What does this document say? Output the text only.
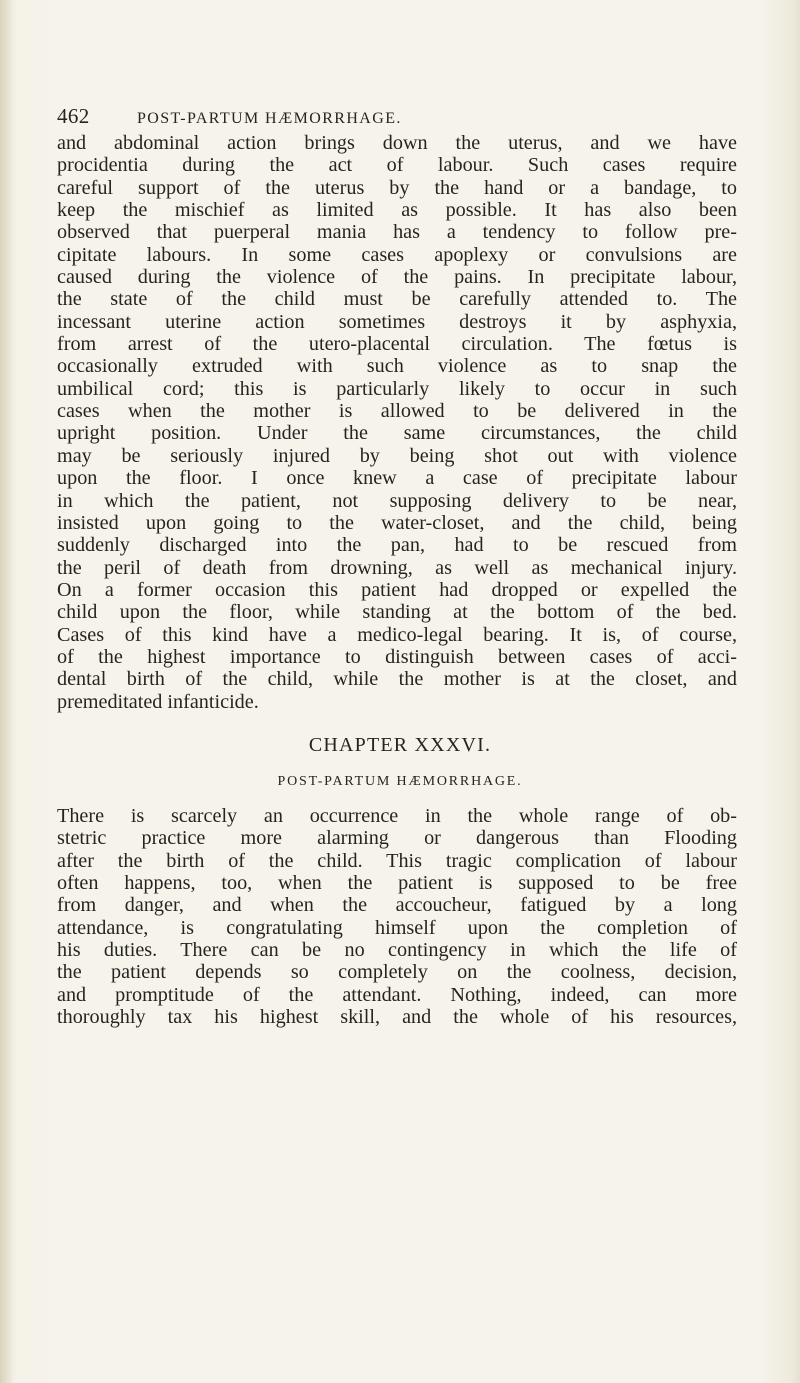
462	POST-PARTUM HÆMORRHAGE.
and abdominal action brings down the uterus, and we have
procidentia during the act of labour. Such cases require
careful support of the uterus by the hand or a bandage, to
keep the mischief as limited as possible. It has also been
observed that puerperal mania has a tendency to follow pre-
cipitate labours. In some cases apoplexy or convulsions are
caused during the violence of the pains. In precipitate labour,
the state of the child must be carefully attended to. The
incessant uterine action sometimes destroys it by asphyxia,
from arrest of the utero-placental circulation. The fœtus is
occasionally extruded with such violence as to snap the
umbilical cord; this is particularly likely to occur in such
cases when the mother is allowed to be delivered in the
upright position. Under the same circumstances, the child
may be seriously injured by being shot out with violence
upon the floor. I once knew a case of precipitate labour
in which the patient, not supposing delivery to be near,
insisted upon going to the water-closet, and the child, being
suddenly discharged into the pan, had to be rescued from
the peril of death from drowning, as well as mechanical injury.
On a former occasion this patient had dropped or expelled the
child upon the floor, while standing at the bottom of the bed.
Cases of this kind have a medico-legal bearing. It is, of course,
of the highest importance to distinguish between cases of acci-
dental birth of the child, while the mother is at the closet, and
premeditated infanticide.
CHAPTER XXXVI.
POST-PARTUM HÆMORRHAGE.
There is scarcely an occurrence in the whole range of ob-
stetric practice more alarming or dangerous than Flooding
after the birth of the child. This tragic complication of labour
often happens, too, when the patient is supposed to be free
from danger, and when the accoucheur, fatigued by a long
attendance, is congratulating himself upon the completion of
his duties. There can be no contingency in which the life of
the patient depends so completely on the coolness, decision,
and promptitude of the attendant. Nothing, indeed, can more
thoroughly tax his highest skill, and the whole of his resources,
